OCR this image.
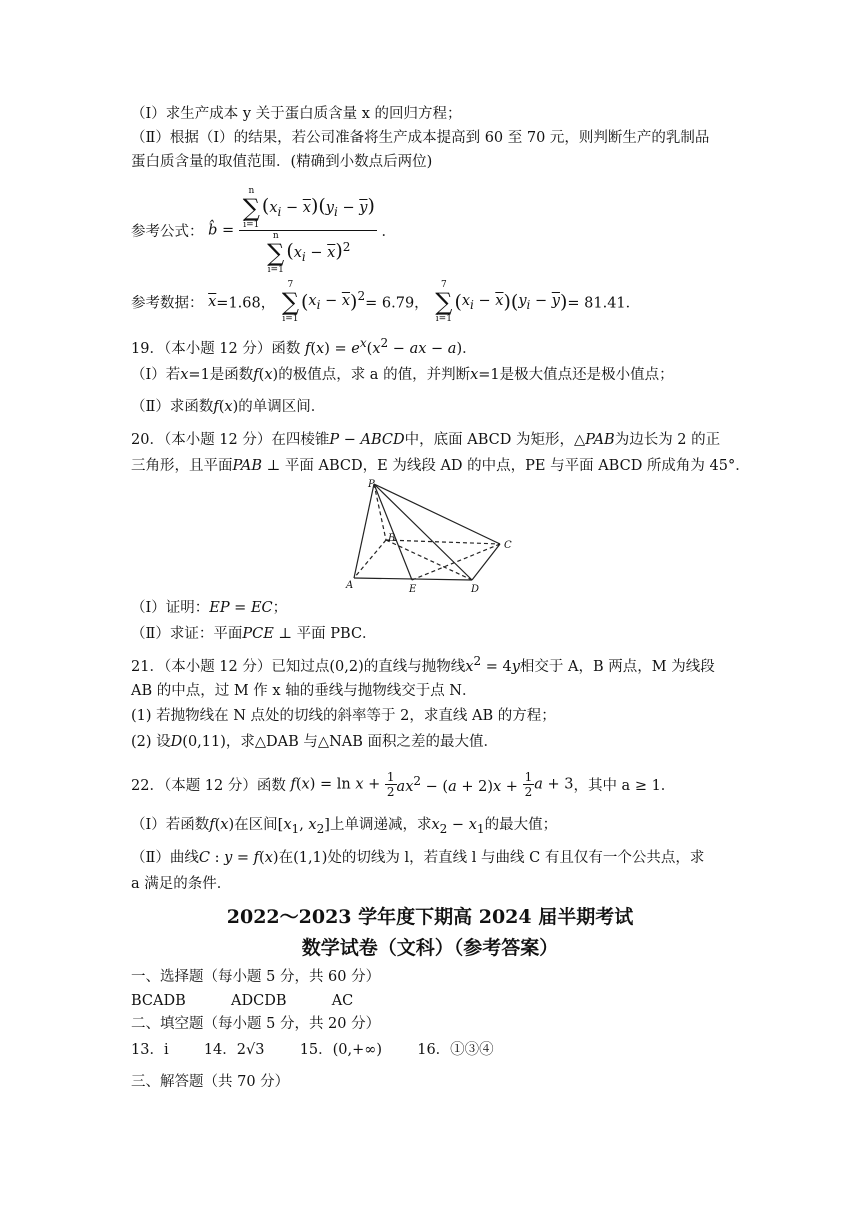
（Ⅰ）求生产成本 y 关于蛋白质含量 x 的回归方程；
（Ⅱ）根据（Ⅰ）的结果，若公司准备将生产成本提高到 60 至 70 元，则判断生产的乳制品
蛋白质含量的取值范围．(精确到小数点后两位)
参考公式： b̂ = n
∑
i=1
$(x_i - \overline{x})(y_i - \overline{y})$
n
∑
i=1
$(x_i - \overline{x})^2$ ．
参考数据： $\overline{x}=1.68$，
7
∑
i=1
$(x_i - \overline{x})^2= 6.79$，
7
∑
i=1
$(x_i - \overline{x})(y_i - \overline{y})= 81.41$．
19．（本小题 12 分）函数 $f(x) = e^x(x^2$ − ax − a)．
（Ⅰ）若x=1是函数f(x)的极值点，求 a 的值，并判断x=1是极大值点还是极小值点；
（Ⅱ）求函数f(x)的单调区间．
20．（本小题 12 分）在四棱锥P − ABCD中，底面 ABCD 为矩形，△PAB为边长为 2 的正
三角形，且平面PAB ⊥ 平面 ABCD，E 为线段 AD 的中点，PE 与平面 ABCD 所成角为 45°．
P
B
C
A	E	D
（Ⅰ）证明：EP = EC；
（Ⅱ）求证：平面PCE ⊥ 平面 PBC．
21．（本小题 12 分）已知过点(0,2)的直线与抛物线$x^2 = 4y$相交于 A，B 两点，M 为线段
AB 的中点，过 M 作 x 轴的垂线与抛物线交于点 N．
(1) 若抛物线在 N 点处的切线的斜率等于 2，求直线 AB 的方程；
(2) 设D(0,11)，求△DAB 与△NAB 面积之差的最大值．
22．（本题 12 分）函数 $f(x) = \ln x + \frac{1}{2} ax^2 - (a + 2)x + \frac{1}{2}$ a + 3，其中 a ≥ 1．
（Ⅰ）若函数f(x)在区间[$x_1$, $x_2$]上单调递减，求$x_2 - x_1$的最大值；
（Ⅱ）曲线C : y = f(x)在(1,1)处的切线为 l，若直线 l 与曲线 C 有且仅有一个公共点，求
a 满足的条件．
2022～2023 学年度下期高 2024 届半期考试
数学试卷（文科）（参考答案）
一、选择题（每小题 5 分，共 60 分）
BCADB	ADCDB	AC
二、填空题（每小题 5 分，共 20 分）
13．i 14．2√3 15．(0,+∞) 16．①③④
三、解答题（共 70 分）
